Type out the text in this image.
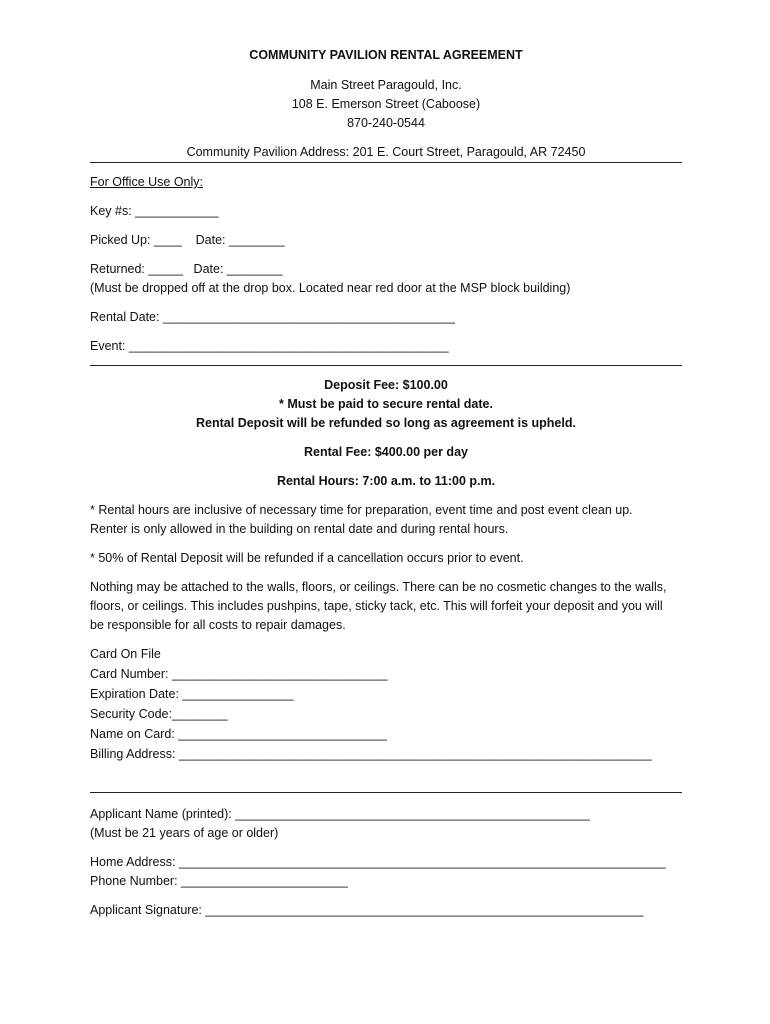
COMMUNITY PAVILION RENTAL AGREEMENT
Main Street Paragould, Inc.
108 E. Emerson Street (Caboose)
870-240-0544
Community Pavilion Address: 201 E. Court Street, Paragould, AR 72450
For Office Use Only:
Key #s: ____________
Picked Up: ____    Date: ________
Returned: _____   Date: ________
(Must be dropped off at the drop box. Located near red door at the MSP block building)
Rental Date: __________________________________________
Event: ______________________________________________
Deposit Fee: $100.00
* Must be paid to secure rental date.
Rental Deposit will be refunded so long as agreement is upheld.
Rental Fee: $400.00 per day
Rental Hours: 7:00 a.m. to 11:00 p.m.
* Rental hours are inclusive of necessary time for preparation, event time and post event clean up.
Renter is only allowed in the building on rental date and during rental hours.
* 50% of Rental Deposit will be refunded if a cancellation occurs prior to event.
Nothing may be attached to the walls, floors, or ceilings. There can be no cosmetic changes to the walls,
floors, or ceilings. This includes pushpins, tape, sticky tack, etc. This will forfeit your deposit and you will
be responsible for all costs to repair damages.
Card On File
Card Number: _______________________________
Expiration Date: ________________
Security Code:________
Name on Card: ______________________________
Billing Address: ____________________________________________________________________
Applicant Name (printed): ___________________________________________________
(Must be 21 years of age or older)
Home Address: ______________________________________________________________________
Phone Number: ________________________
Applicant Signature: _______________________________________________________________
